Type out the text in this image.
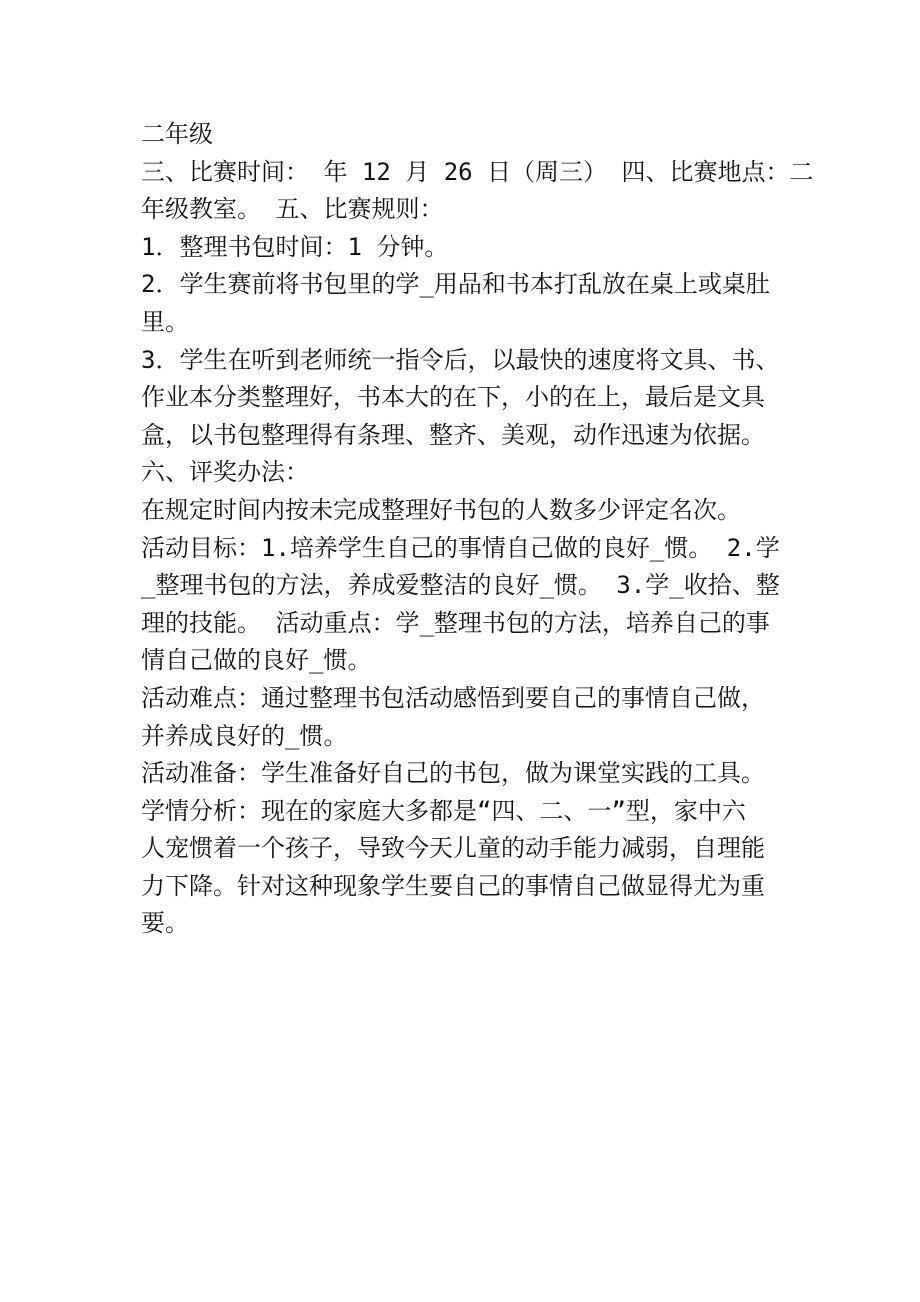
二年级
三、比赛时间： 年 12 月 26 日（周三） 四、比赛地点：二
年级教室。 五、比赛规则：
1．整理书包时间：1 分钟。
2．学生赛前将书包里的学_用品和书本打乱放在桌上或桌肚
里。
3．学生在听到老师统一指令后，以最快的速度将文具、书、
作业本分类整理好，书本大的在下，小的在上，最后是文具
盒，以书包整理得有条理、整齐、美观，动作迅速为依据。
六、评奖办法：
在规定时间内按未完成整理好书包的人数多少评定名次。
活动目标：1.培养学生自己的事情自己做的良好_惯。 2.学
_整理书包的方法，养成爱整洁的良好_惯。 3.学_收拾、整
理的技能。 活动重点：学_整理书包的方法，培养自己的事
情自己做的良好_惯。
活动难点：通过整理书包活动感悟到要自己的事情自己做，
并养成良好的_惯。
活动准备：学生准备好自己的书包，做为课堂实践的工具。
学情分析：现在的家庭大多都是“四、二、一”型，家中六
人宠惯着一个孩子，导致今天儿童的动手能力减弱，自理能
力下降。针对这种现象学生要自己的事情自己做显得尤为重
要。
